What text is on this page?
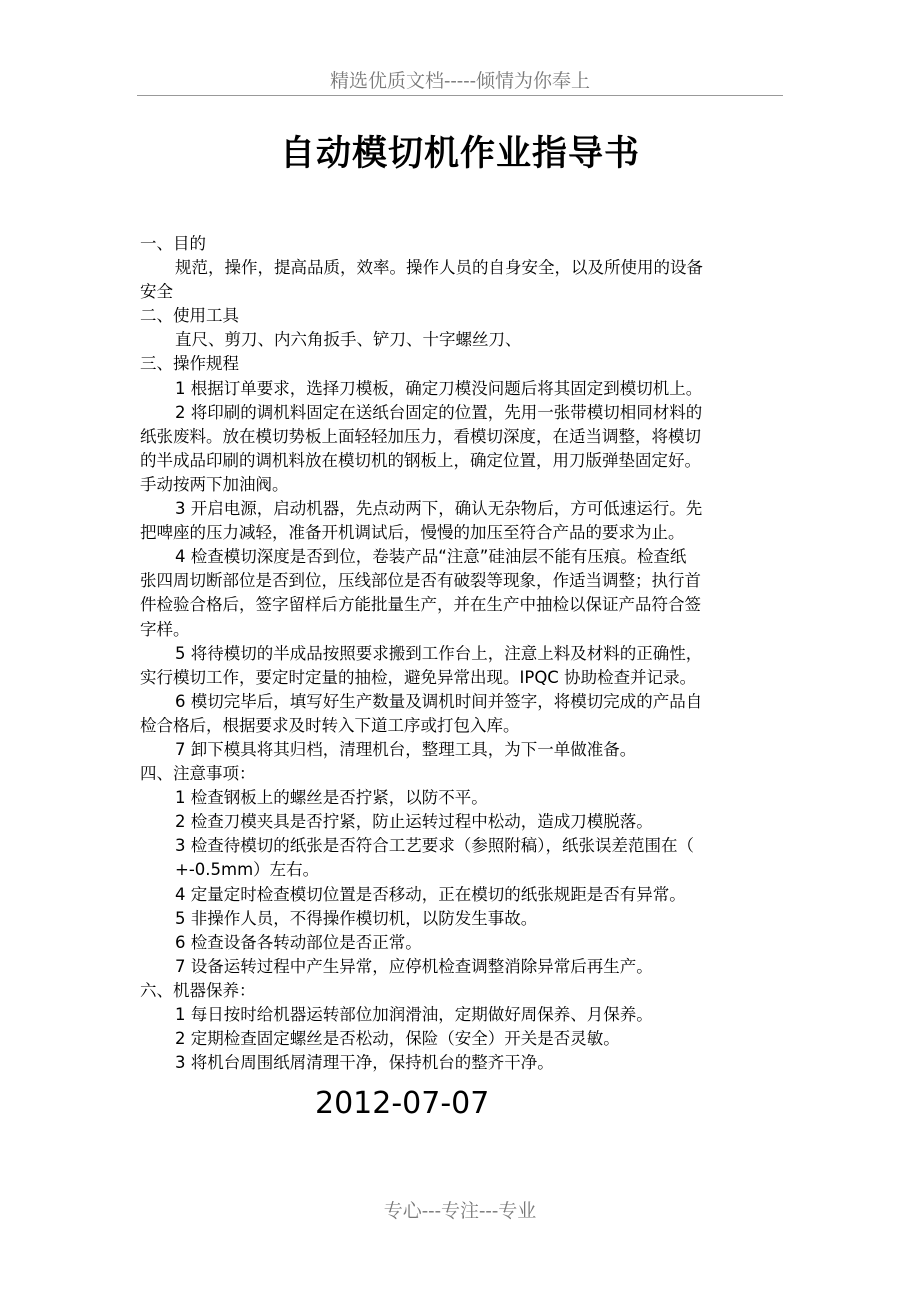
精选优质文档-----倾情为你奉上
自动模切机作业指导书
一、目的
规范，操作，提高品质，效率。操作人员的自身安全，以及所使用的设备
安全
二、使用工具
直尺、剪刀、内六角扳手、铲刀、十字螺丝刀、
三、操作规程
1 根据订单要求，选择刀模板，确定刀模没问题后将其固定到模切机上。
2 将印刷的调机料固定在送纸台固定的位置，先用一张带模切相同材料的
纸张废料。放在模切势板上面轻轻加压力，看模切深度，在适当调整，将模切
的半成品印刷的调机料放在模切机的钢板上，确定位置，用刀版弹垫固定好。
手动按两下加油阀。
3 开启电源，启动机器，先点动两下，确认无杂物后，方可低速运行。先
把啤座的压力减轻，准备开机调试后，慢慢的加压至符合产品的要求为止。
4 检查模切深度是否到位，卷装产品“注意”硅油层不能有压痕。检查纸
张四周切断部位是否到位，压线部位是否有破裂等现象，作适当调整；执行首
件检验合格后，签字留样后方能批量生产，并在生产中抽检以保证产品符合签
字样。
5 将待模切的半成品按照要求搬到工作台上，注意上料及材料的正确性，
实行模切工作，要定时定量的抽检，避免异常出现。IPQC 协助检查并记录。
6 模切完毕后，填写好生产数量及调机时间并签字，将模切完成的产品自
检合格后，根据要求及时转入下道工序或打包入库。
7 卸下模具将其归档，清理机台，整理工具，为下一单做准备。
四、注意事项：
1 检查钢板上的螺丝是否拧紧，以防不平。
2 检查刀模夹具是否拧紧，防止运转过程中松动，造成刀模脱落。
3 检查待模切的纸张是否符合工艺要求（参照附稿），纸张误差范围在（
+-0.5mm）左右。
4 定量定时检查模切位置是否移动，正在模切的纸张规距是否有异常。
5 非操作人员，不得操作模切机，以防发生事故。
6 检查设备各转动部位是否正常。
7 设备运转过程中产生异常，应停机检查调整消除异常后再生产。
六、机器保养：
1 每日按时给机器运转部位加润滑油，定期做好周保养、月保养。
2 定期检查固定螺丝是否松动，保险（安全）开关是否灵敏。
3 将机台周围纸屑清理干净，保持机台的整齐干净。
2012-07-07
专心---专注---专业
